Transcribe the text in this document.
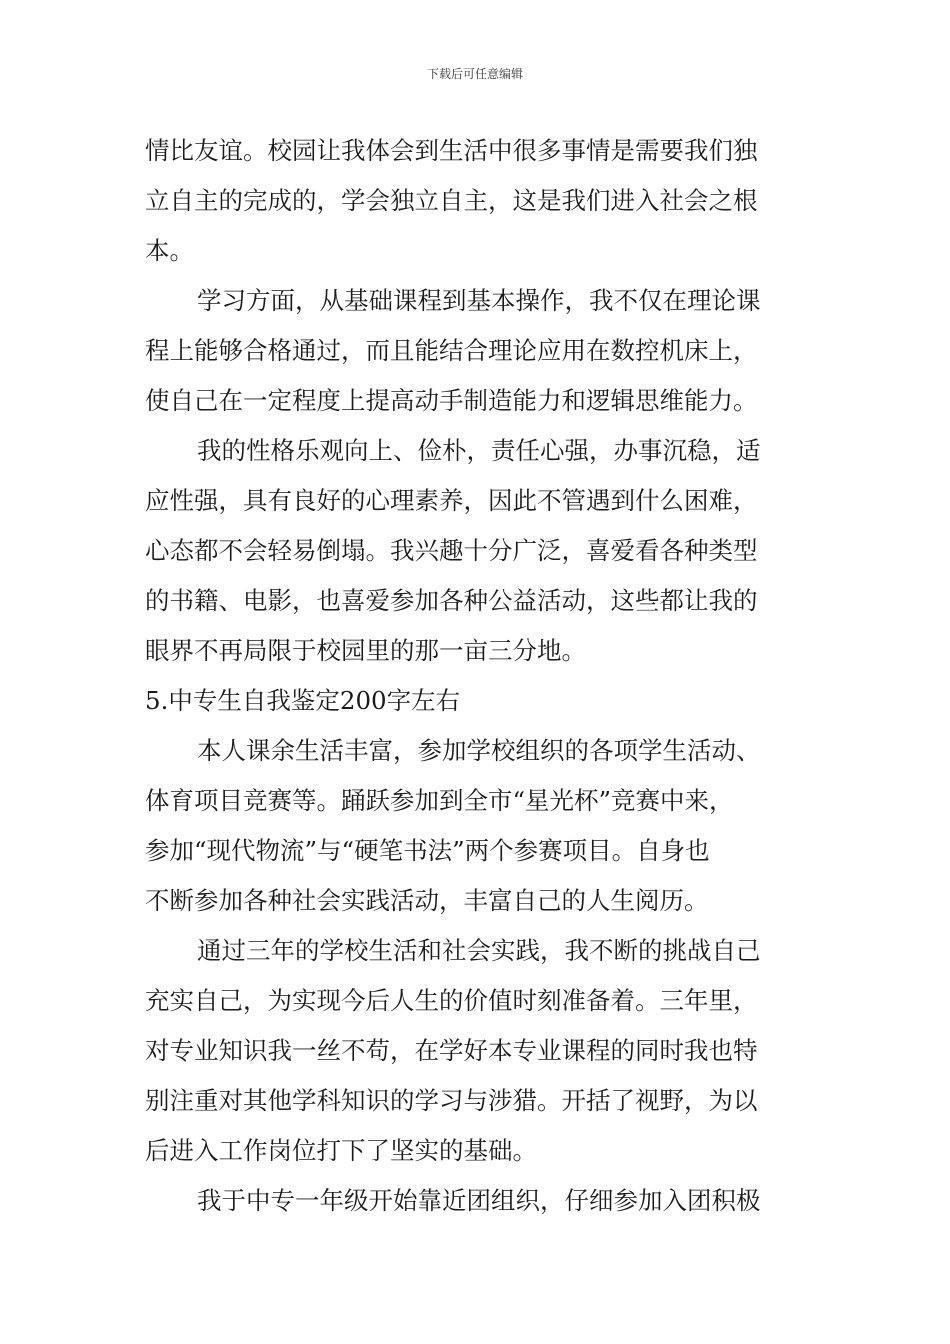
下载后可任意编辑
情比友谊。校园让我体会到生活中很多事情是需要我们独
立自主的完成的，学会独立自主，这是我们进入社会之根
本。
学习方面，从基础课程到基本操作，我不仅在理论课
程上能够合格通过，而且能结合理论应用在数控机床上，
使自己在一定程度上提高动手制造能力和逻辑思维能力。
我的性格乐观向上、俭朴，责任心强，办事沉稳，适
应性强，具有良好的心理素养，因此不管遇到什么困难，
心态都不会轻易倒塌。我兴趣十分广泛，喜爱看各种类型
的书籍、电影，也喜爱参加各种公益活动，这些都让我的
眼界不再局限于校园里的那一亩三分地。
5.中专生自我鉴定200字左右
本人课余生活丰富，参加学校组织的各项学生活动、
体育项目竞赛等。踊跃参加到全市“星光杯”竞赛中来，
参加“现代物流”与“硬笔书法”两个参赛项目。自身也
不断参加各种社会实践活动，丰富自己的人生阅历。
通过三年的学校生活和社会实践，我不断的挑战自己
充实自己，为实现今后人生的价值时刻准备着。三年里，
对专业知识我一丝不苟，在学好本专业课程的同时我也特
别注重对其他学科知识的学习与涉猎。开括了视野，为以
后进入工作岗位打下了坚实的基础。
我于中专一年级开始靠近团组织，仔细参加入团积极
